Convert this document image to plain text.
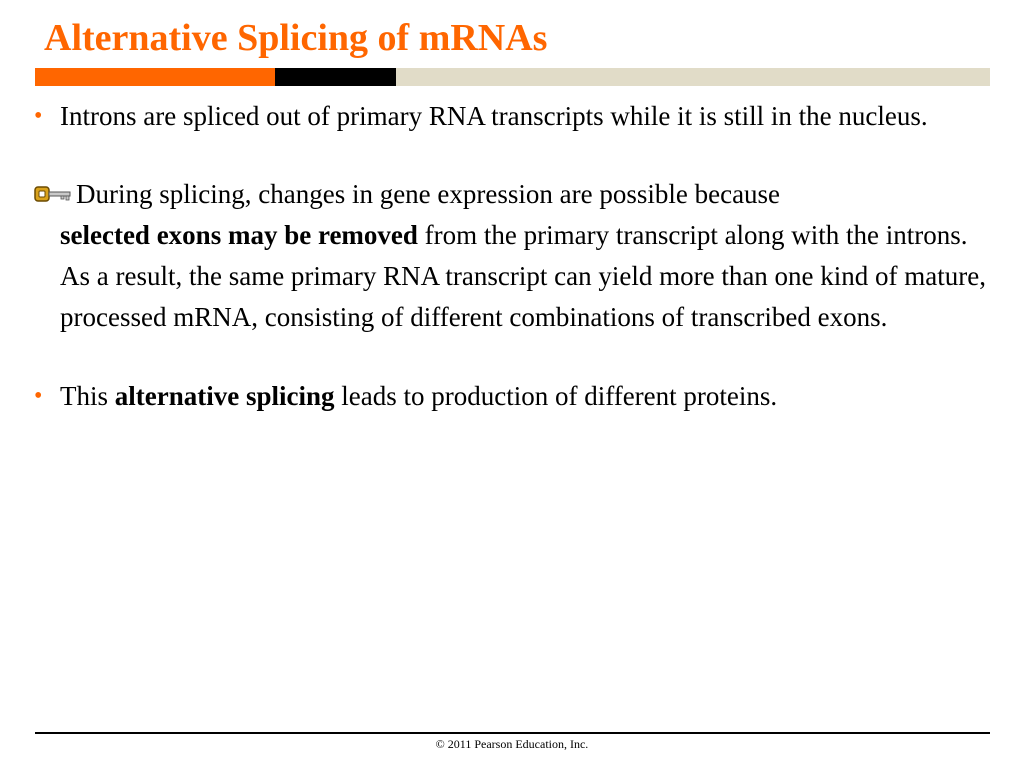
Alternative Splicing of mRNAs

• Introns are spliced out of primary RNA transcripts while it is still in the nucleus.

During splicing, changes in gene expression are possible because
selected exons may be removed from the primary transcript along with the introns. As a result, the same primary RNA transcript can yield more than one kind of mature, processed mRNA, consisting of different combinations of transcribed exons.

• This alternative splicing leads to production of different proteins.

© 2011 Pearson Education, Inc.
